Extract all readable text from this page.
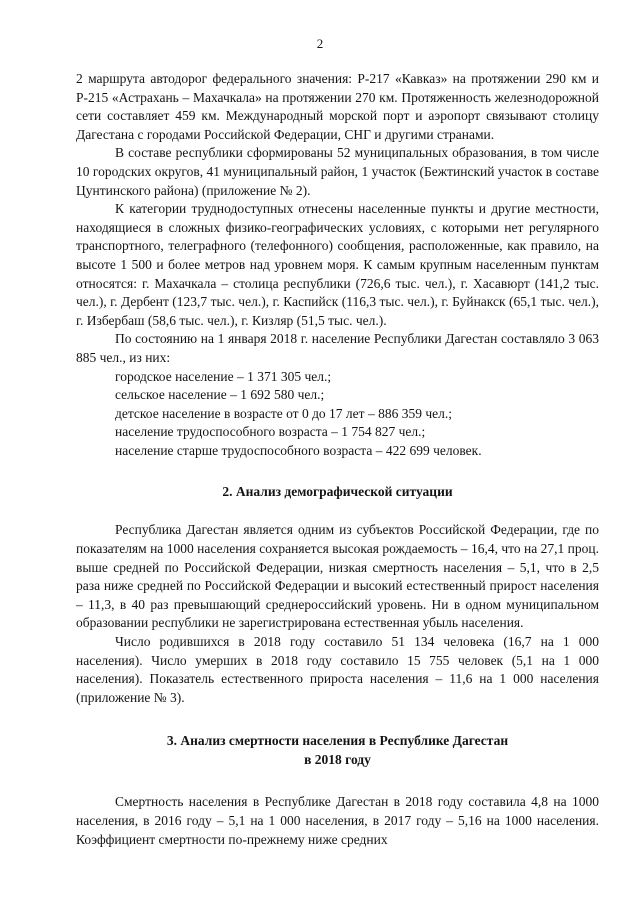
2

2 маршрута автодорог федерального значения: Р-217 «Кавказ» на протяжении 290 км и Р-215 «Астрахань – Махачкала» на протяжении 270 км. Протяженность железнодорожной сети составляет 459 км. Международный морской порт и аэропорт связывают столицу Дагестана с городами Российской Федерации, СНГ и другими странами.

В составе республики сформированы 52 муниципальных образования, в том числе 10 городских округов, 41 муниципальный район, 1 участок (Бежтинский участок в составе Цунтинского района) (приложение № 2).

К категории труднодоступных отнесены населенные пункты и другие местности, находящиеся в сложных физико-географических условиях, с которыми нет регулярного транспортного, телеграфного (телефонного) сообщения, расположенные, как правило, на высоте 1 500 и более метров над уровнем моря. К самым крупным населенным пунктам относятся: г. Махачкала – столица республики (726,6 тыс. чел.), г. Хасавюрт (141,2 тыс. чел.), г. Дербент (123,7 тыс. чел.), г. Каспийск (116,3 тыс. чел.), г. Буйнакск (65,1 тыс. чел.), г. Избербаш (58,6 тыс. чел.), г. Кизляр (51,5 тыс. чел.).

По состоянию на 1 января 2018 г. население Республики Дагестан составляло 3 063 885 чел., из них:

городское население – 1 371 305 чел.;

сельское население – 1 692 580 чел.;

детское население в возрасте от 0 до 17 лет – 886 359 чел.;

население трудоспособного возраста – 1 754 827 чел.;

население старше трудоспособного возраста – 422 699 человек.

2. Анализ демографической ситуации

Республика Дагестан является одним из субъектов Российской Федерации, где по показателям на 1000 населения сохраняется высокая рождаемость – 16,4, что на 27,1 проц. выше средней по Российской Федерации, низкая смертность населения – 5,1, что в 2,5 раза ниже средней по Российской Федерации и высокий естественный прирост населения – 11,3, в 40 раз превышающий среднероссийский уровень. Ни в одном муниципальном образовании республики не зарегистрирована естественная убыль населения.

Число родившихся в 2018 году составило 51 134 человека (16,7 на 1 000 населения). Число умерших в 2018 году составило 15 755 человек (5,1 на 1 000 населения). Показатель естественного прироста населения – 11,6 на 1 000 населения (приложение № 3).

3. Анализ смертности населения в Республике Дагестан
в 2018 году

Смертность населения в Республике Дагестан в 2018 году составила 4,8 на 1000 населения, в 2016 году – 5,1 на 1 000 населения, в 2017 году – 5,16 на 1000 населения. Коэффициент смертности по-прежнему ниже средних
